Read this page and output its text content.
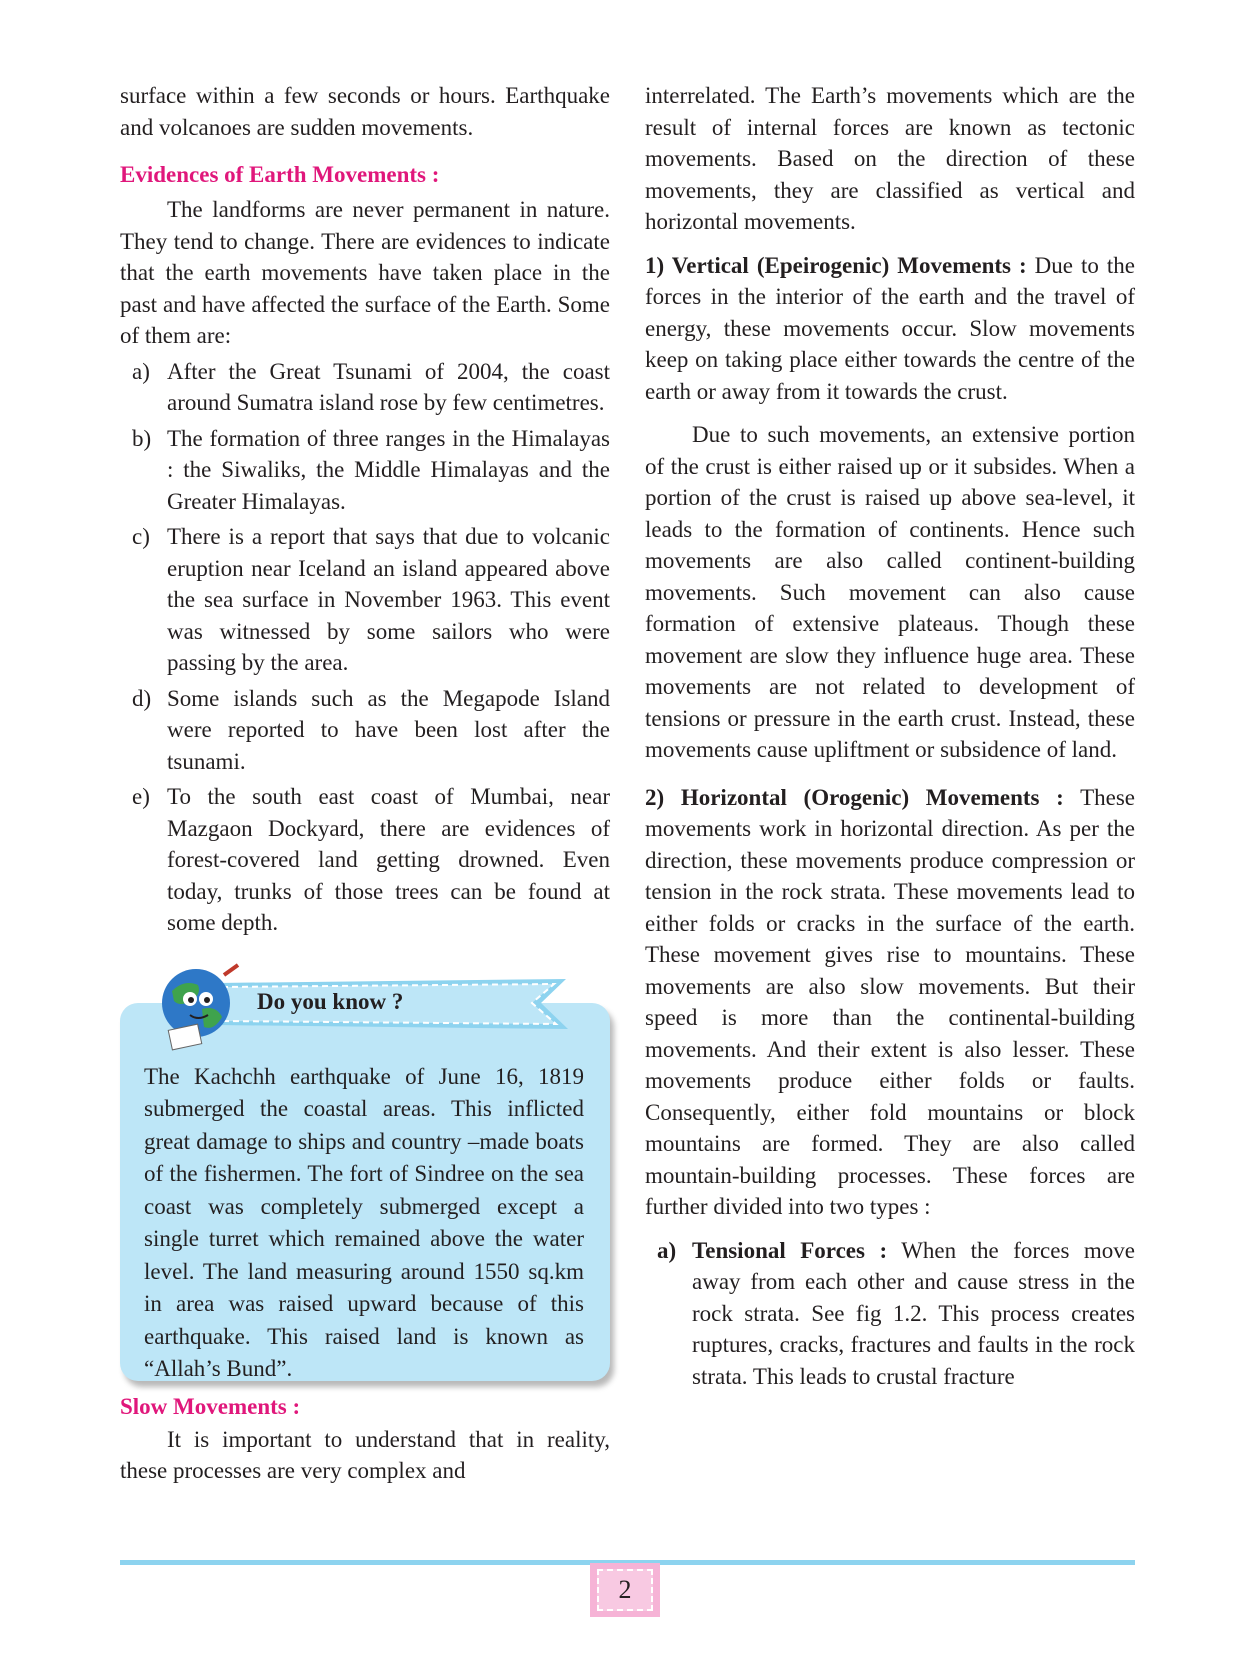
surface within a few seconds or hours. Earthquake and volcanoes are sudden movements.

Evidences of Earth Movements :

The landforms are never permanent in nature. They tend to change. There are evidences to indicate that the earth movements have taken place in the past and have affected the surface of the Earth. Some of them are:

a) After the Great Tsunami of 2004, the coast around Sumatra island rose by few centimetres.
b) The formation of three ranges in the Himalayas : the Siwaliks, the Middle Himalayas and the Greater Himalayas.
c) There is a report that says that due to volcanic eruption near Iceland an island appeared above the sea surface in November 1963. This event was witnessed by some sailors who were passing by the area.
d) Some islands such as the Megapode Island were reported to have been lost after the tsunami.
e) To the south east coast of Mumbai, near Mazgaon Dockyard, there are evidences of forest-covered land getting drowned. Even today, trunks of those trees can be found at some depth.
Do you know ?
The Kachchh earthquake of June 16, 1819 submerged the coastal areas. This inflicted great damage to ships and country –made boats of the fishermen. The fort of Sindree on the sea coast was completely submerged except a single turret which remained above the water level. The land measuring around 1550 sq.km in area was raised upward because of this earthquake. This raised land is known as “Allah’s Bund”.
Slow Movements :

It is important to understand that in reality, these processes are very complex and

interrelated. The Earth’s movements which are the result of internal forces are known as tectonic movements. Based on the direction of these movements, they are classified as vertical and horizontal movements.

1) Vertical (Epeirogenic) Movements : Due to the forces in the interior of the earth and the travel of energy, these movements occur. Slow movements keep on taking place either towards the centre of the earth or away from it towards the crust.

Due to such movements, an extensive portion of the crust is either raised up or it subsides. When a portion of the crust is raised up above sea-level, it leads to the formation of continents. Hence such movements are also called continent-building movements. Such movement can also cause formation of extensive plateaus. Though these movement are slow they influence huge area. These movements are not related to development of tensions or pressure in the earth crust. Instead, these movements cause upliftment or subsidence of land.

2) Horizontal (Orogenic) Movements : These movements work in horizontal direction. As per the direction, these movements produce compression or tension in the rock strata. These movements lead to either folds or cracks in the surface of the earth. These movement gives rise to mountains. These movements are also slow movements. But their speed is more than the continental-building movements. And their extent is also lesser. These movements produce either folds or faults. Consequently, either fold mountains or block mountains are formed. They are also called mountain-building processes. These forces are further divided into two types :

a) Tensional Forces : When the forces move away from each other and cause stress in the rock strata. See fig 1.2. This process creates ruptures, cracks, fractures and faults in the rock strata. This leads to crustal fracture
2
